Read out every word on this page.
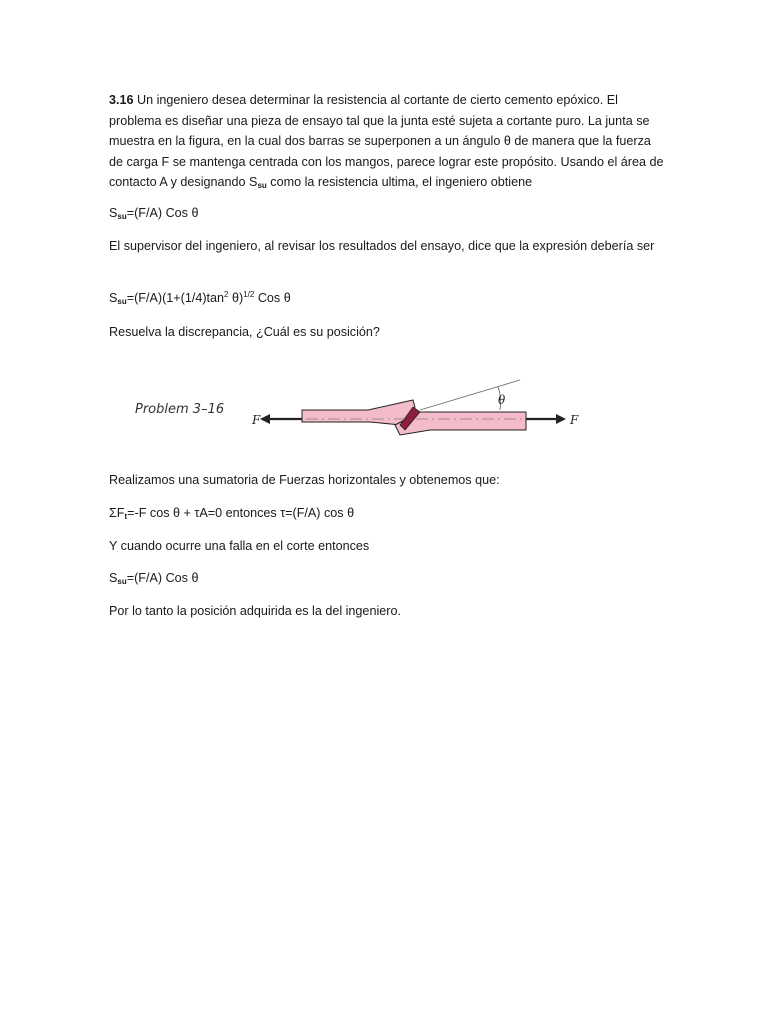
3.16 Un ingeniero desea determinar la resistencia al cortante de cierto cemento epóxico. El problema es diseñar una pieza de ensayo tal que la junta esté sujeta a cortante puro. La junta se muestra en la figura, en la cual dos barras se superponen a un ángulo θ de manera que la fuerza de carga F se mantenga centrada con los mangos, parece lograr este propósito. Usando el área de contacto A y designando $S_{su}$ como la resistencia ultima, el ingeniero obtiene

$S_{su}=(F/A)$ Cos θ

El supervisor del ingeniero, al revisar los resultados del ensayo, dice que la expresión debería ser

$S_{su}=(F/A)(1+(1/4)\tan^2$ θ)$^{1/2}$ Cos θ

Resuelva la discrepancia, ¿Cuál es su posición?

Problem 3–16
θ
F	F

Realizamos una sumatoria de Fuerzas horizontales y obtenemos que:

$\Sigma F_t=-F$ cos θ + τA=0 entonces τ=(F/A) cos θ

Y cuando ocurre una falla en el corte entonces

$S_{su}=(F/A)$ Cos θ

Por lo tanto la posición adquirida es la del ingeniero.
